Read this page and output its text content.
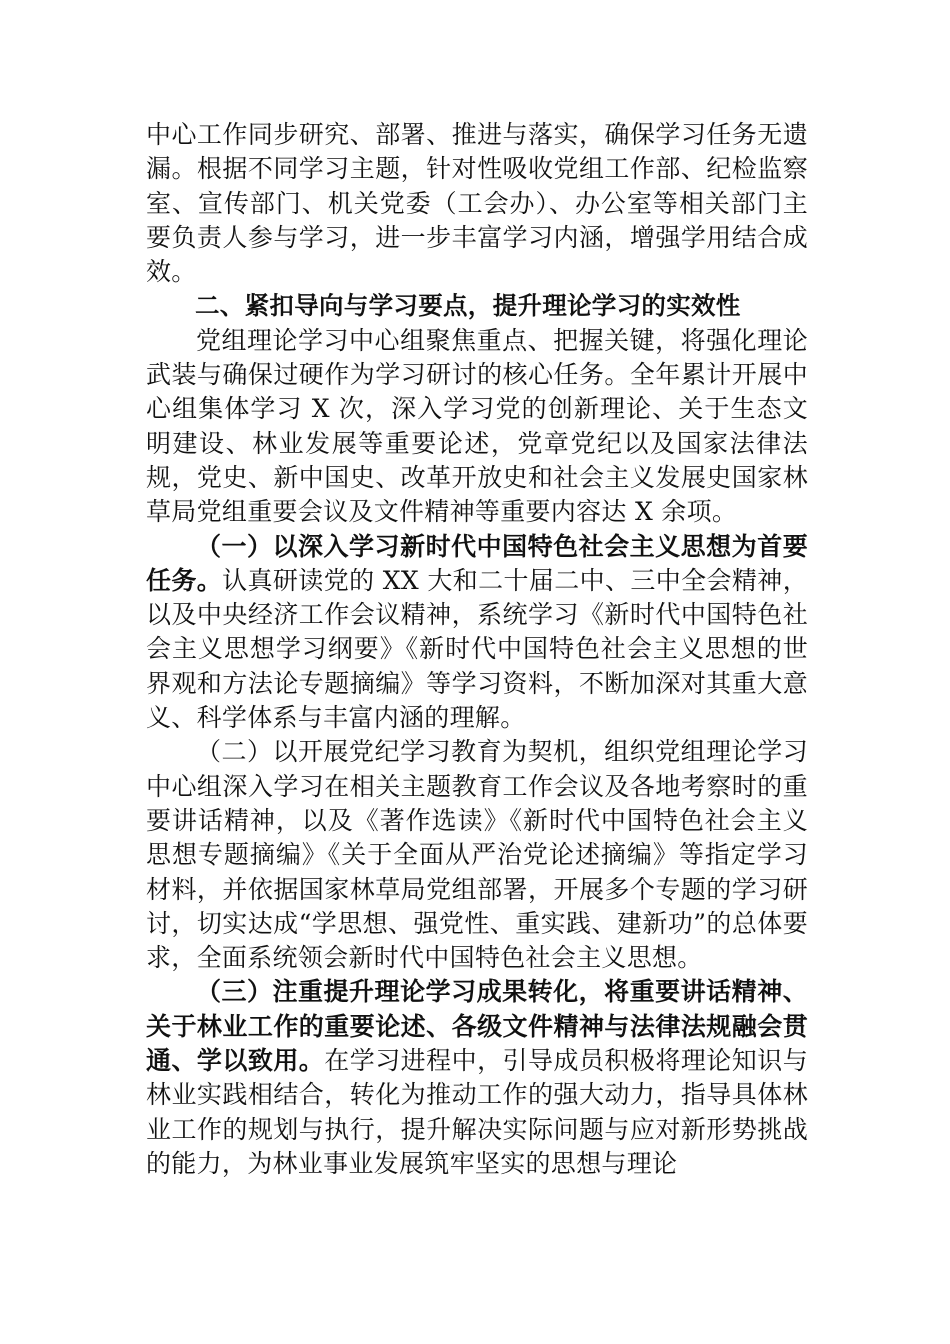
中心工作同步研究、部署、推进与落实，确保学习任务无遗漏。根据不同学习主题，针对性吸收党组工作部、纪检监察室、宣传部门、机关党委（工会办）、办公室等相关部门主要负责人参与学习，进一步丰富学习内涵，增强学用结合成效。

二、紧扣导向与学习要点，提升理论学习的实效性

党组理论学习中心组聚焦重点、把握关键，将强化理论武装与确保过硬作为学习研讨的核心任务。全年累计开展中心组集体学习 X 次，深入学习党的创新理论、关于生态文明建设、林业发展等重要论述，党章党纪以及国家法律法规，党史、新中国史、改革开放史和社会主义发展史国家林草局党组重要会议及文件精神等重要内容达 X 余项。

（一）以深入学习新时代中国特色社会主义思想为首要任务。认真研读党的 XX 大和二十届二中、三中全会精神，以及中央经济工作会议精神，系统学习《新时代中国特色社会主义思想学习纲要》《新时代中国特色社会主义思想的世界观和方法论专题摘编》等学习资料，不断加深对其重大意义、科学体系与丰富内涵的理解。

（二）以开展党纪学习教育为契机，组织党组理论学习中心组深入学习在相关主题教育工作会议及各地考察时的重要讲话精神，以及《著作选读》《新时代中国特色社会主义思想专题摘编》《关于全面从严治党论述摘编》等指定学习材料，并依据国家林草局党组部署，开展多个专题的学习研讨，切实达成“学思想、强党性、重实践、建新功”的总体要求，全面系统领会新时代中国特色社会主义思想。

（三）注重提升理论学习成果转化，将重要讲话精神、关于林业工作的重要论述、各级文件精神与法律法规融会贯通、学以致用。在学习进程中，引导成员积极将理论知识与林业实践相结合，转化为推动工作的强大动力，指导具体林业工作的规划与执行，提升解决实际问题与应对新形势挑战的能力，为林业事业发展筑牢坚实的思想与理论
